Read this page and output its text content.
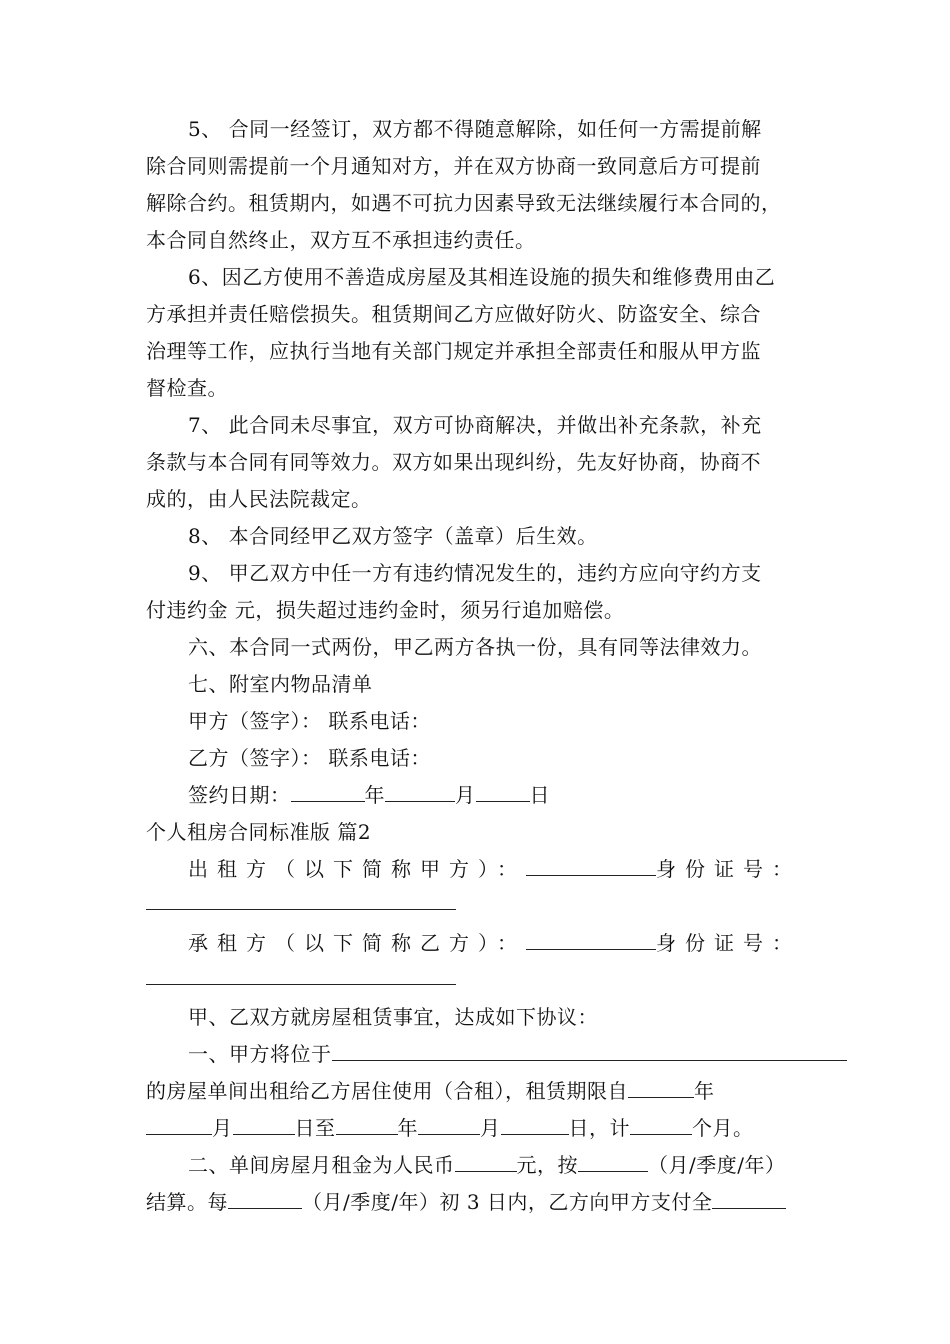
5、 合同一经签订，双方都不得随意解除，如任何一方需提前解
除合同则需提前一个月通知对方，并在双方协商一致同意后方可提前
解除合约。租赁期内，如遇不可抗力因素导致无法继续履行本合同的，
本合同自然终止，双方互不承担违约责任。
6、因乙方使用不善造成房屋及其相连设施的损失和维修费用由乙
方承担并责任赔偿损失。租赁期间乙方应做好防火、防盗安全、综合
治理等工作，应执行当地有关部门规定并承担全部责任和服从甲方监
督检查。
7、 此合同未尽事宜，双方可协商解决，并做出补充条款，补充
条款与本合同有同等效力。双方如果出现纠纷，先友好协商，协商不
成的，由人民法院裁定。
8、 本合同经甲乙双方签字（盖章）后生效。
9、 甲乙双方中任一方有违约情况发生的，违约方应向守约方支
付违约金 元，损失超过违约金时，须另行追加赔偿。
六、本合同一式两份，甲乙两方各执一份，具有同等法律效力。
七、附室内物品清单
甲方（签字）： 联系电话：
乙方（签字）： 联系电话：
签约日期：	年	月	日
个人租房合同标准版 篇2
出租方（以下简称甲方）：	身份证号：
承租方（以下简称乙方）：	身份证号：
甲、乙双方就房屋租赁事宜，达成如下协议：
一、甲方将位于
的房屋单间出租给乙方居住使用（合租），租赁期限自	年
月	日至	年	月	日，计	个月。
二、单间房屋月租金为人民币	元，按	（月/季度/年）
结算。每	（月/季度/年）初 3 日内，乙方向甲方支付全
